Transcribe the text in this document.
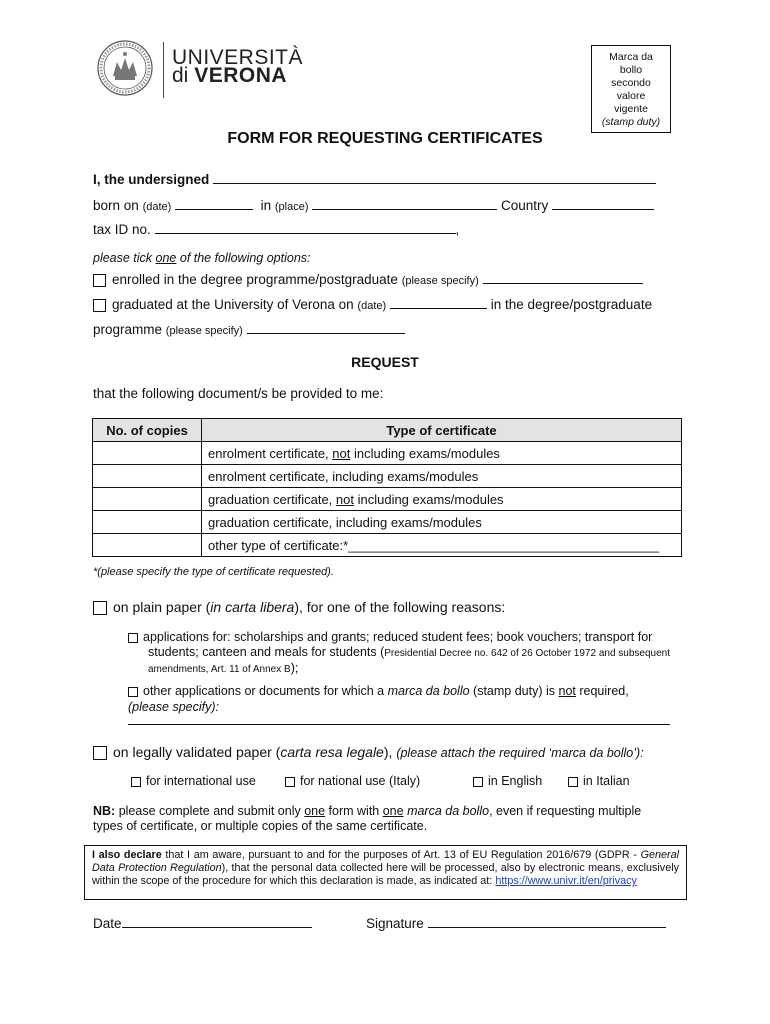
UNIVERSITÀ
di VERONA
Marca da
bollo
secondo
valore
vigente
(stamp duty)
FORM FOR REQUESTING CERTIFICATES
I, the undersigned
born on (date)	in (place)	Country
tax ID no.	,
please tick one of the following options:
enrolled in the degree programme/postgraduate (please specify)
graduated at the University of Verona on (date)	in the degree/postgraduate
programme (please specify)
REQUEST
that the following document/s be provided to me:
No. of copies	Type of certificate
	enrolment certificate, not including exams/modules
	enrolment certificate, including exams/modules
	graduation certificate, not including exams/modules
	graduation certificate, including exams/modules
	other type of certificate:*___________________________________________
*(please specify the type of certificate requested).
on plain paper (in carta libera), for one of the following reasons:
applications for: scholarships and grants; reduced student fees; book vouchers; transport for
students; canteen and meals for students (Presidential Decree no. 642 of 26 October 1972 and subsequent
amendments, Art. 11 of Annex B);
other applications or documents for which a marca da bollo (stamp duty) is not required,
(please specify):
on legally validated paper (carta resa legale), (please attach the required ‘marca da bollo’):
for international use	for national use (Italy)	in English	in Italian
NB: please complete and submit only one form with one marca da bollo, even if requesting multiple
types of certificate, or multiple copies of the same certificate.
I also declare that I am aware, pursuant to and for the purposes of Art. 13 of EU Regulation 2016/679 (GDPR - General Data Protection Regulation), that the personal data collected here will be processed, also by electronic means, exclusively within the scope of the procedure for which this declaration is made, as indicated at: https://www.univr.it/en/privacy
Date	Signature
